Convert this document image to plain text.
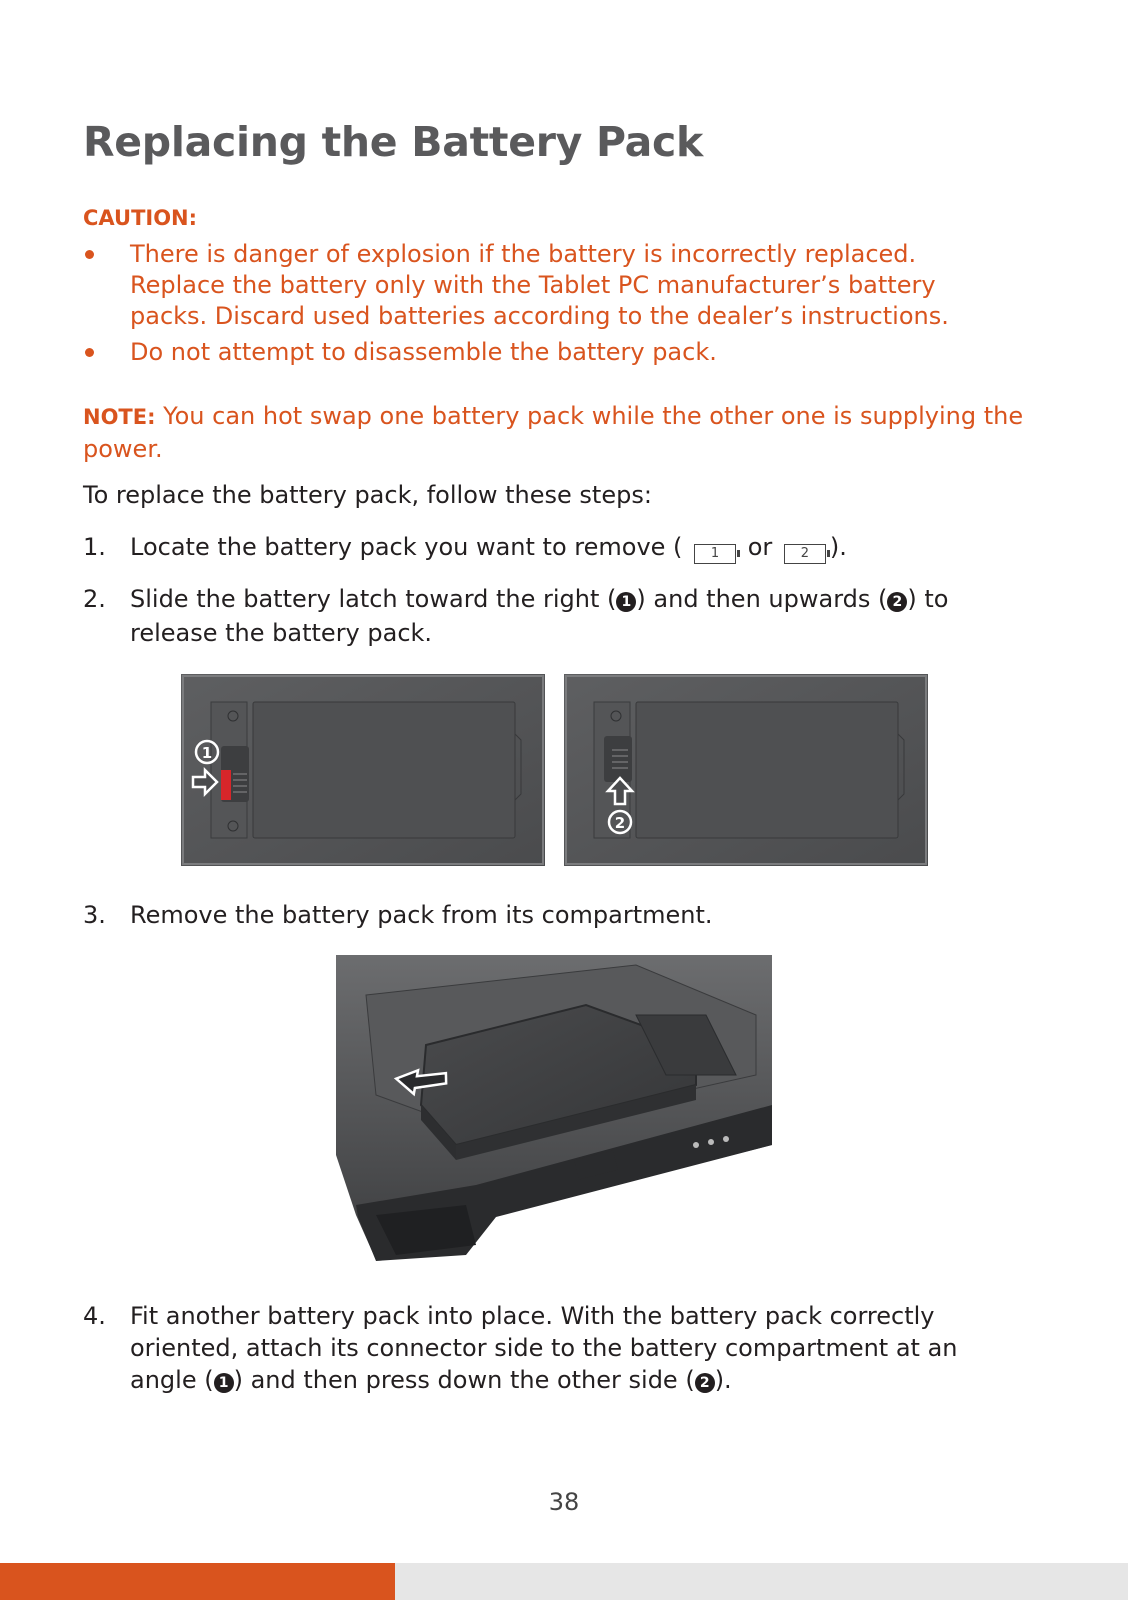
Replacing the Battery Pack
CAUTION:
There is danger of explosion if the battery is incorrectly replaced.
Replace the battery only with the Tablet PC manufacturer’s battery
packs. Discard used batteries according to the dealer’s instructions.
Do not attempt to disassemble the battery pack.
NOTE: You can hot swap one battery pack while the other one is supplying the power.
To replace the battery pack, follow these steps:
1. Locate the battery pack you want to remove ( 1 or 2 ).
2. Slide the battery latch toward the right ( 1 ) and then upwards ( 2 ) to
release the battery pack.
1
2
3. Remove the battery pack from its compartment.
4. Fit another battery pack into place. With the battery pack correctly
oriented, attach its connector side to the battery compartment at an
angle ( 1 ) and then press down the other side ( 2 ).
38
